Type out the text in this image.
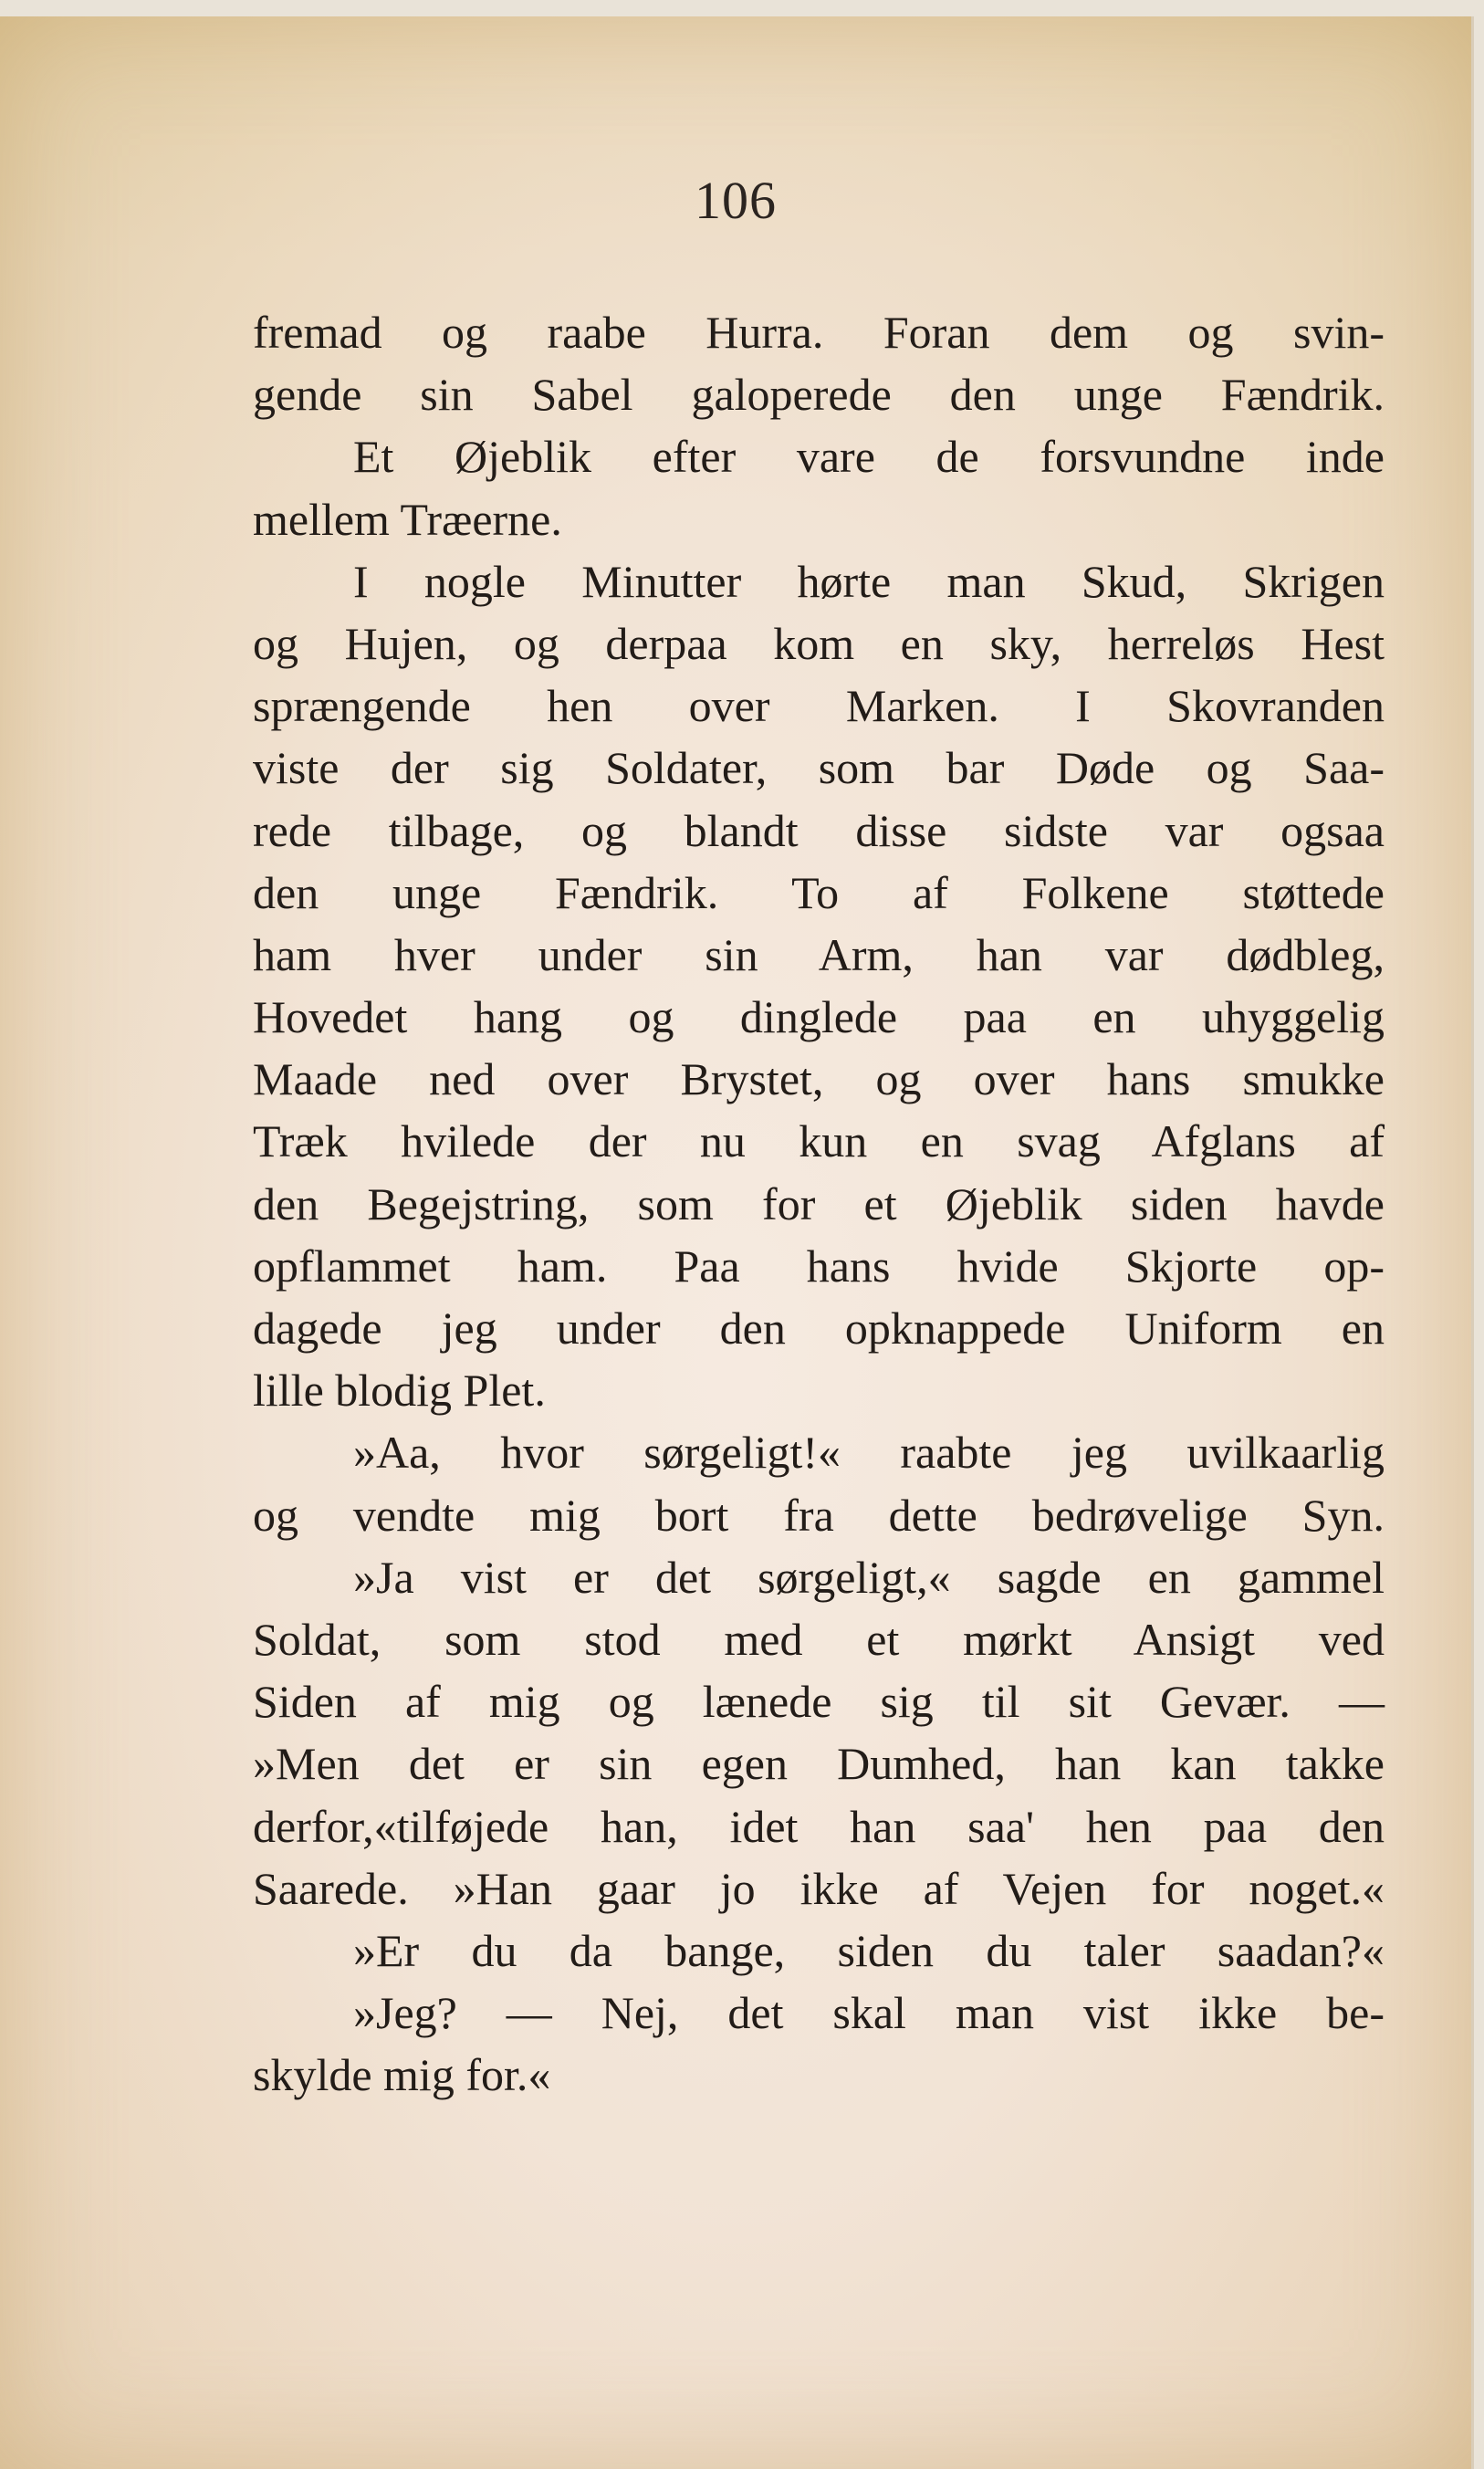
106
fremad og raabe Hurra. Foran dem og svin-
gende sin Sabel galoperede den unge Fændrik.
Et Øjeblik efter vare de forsvundne inde
mellem Træerne.
I nogle Minutter hørte man Skud, Skrigen
og Hujen, og derpaa kom en sky, herreløs Hest
sprængende hen over Marken. I Skovranden
viste der sig Soldater, som bar Døde og Saa-
rede tilbage, og blandt disse sidste var ogsaa
den unge Fændrik. To af Folkene støttede
ham hver under sin Arm, han var dødbleg,
Hovedet hang og dinglede paa en uhyggelig
Maade ned over Brystet, og over hans smukke
Træk hvilede der nu kun en svag Afglans af
den Begejstring, som for et Øjeblik siden havde
opflammet ham. Paa hans hvide Skjorte op-
dagede jeg under den opknappede Uniform en
lille blodig Plet.
»Aa, hvor sørgeligt!« raabte jeg uvilkaarlig
og vendte mig bort fra dette bedrøvelige Syn.
»Ja vist er det sørgeligt,« sagde en gammel
Soldat, som stod med et mørkt Ansigt ved
Siden af mig og lænede sig til sit Gevær. —
»Men det er sin egen Dumhed, han kan takke
derfor,«tilføjede han, idet han saa' hen paa den
Saarede. »Han gaar jo ikke af Vejen for noget.«
»Er du da bange, siden du taler saadan?«
»Jeg? — Nej, det skal man vist ikke be-
skylde mig for.«
